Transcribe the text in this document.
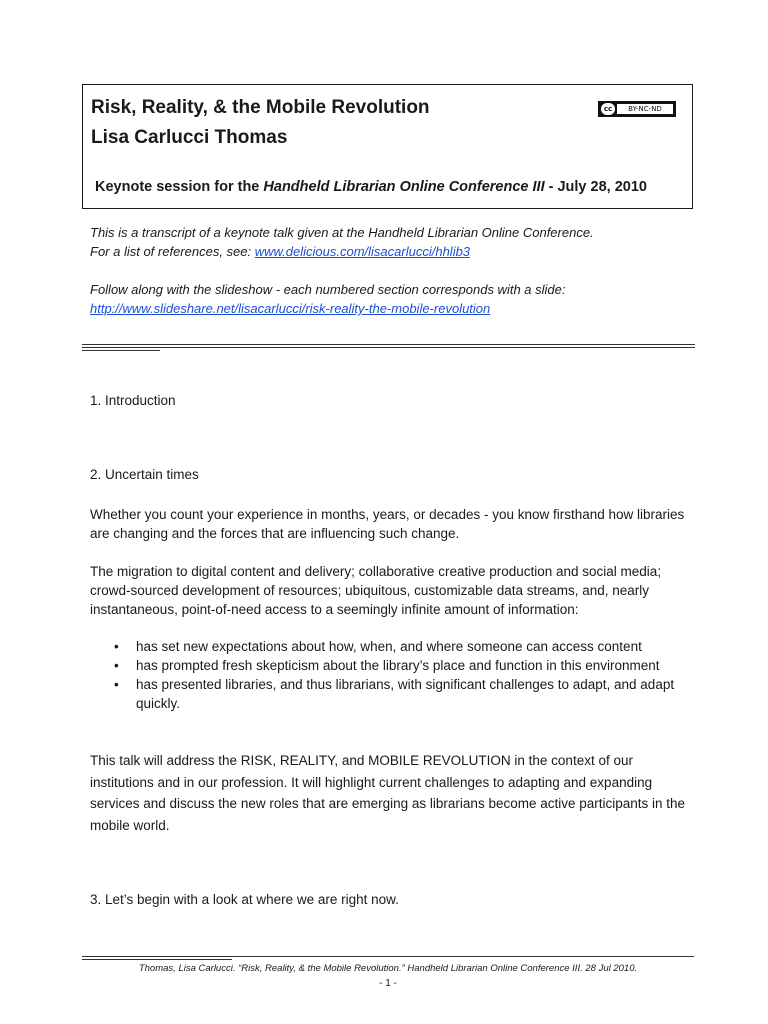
Risk, Reality, & the Mobile Revolution
Lisa Carlucci Thomas
cc	BY-NC-ND
Keynote session for the Handheld Librarian Online Conference III - July 28, 2010

This is a transcript of a keynote talk given at the Handheld Librarian Online Conference.

For a list of references, see: www.delicious.com/lisacarlucci/hhlib3

Follow along with the slideshow - each numbered section corresponds with a slide:

http://www.slideshare.net/lisacarlucci/risk-reality-the-mobile-revolution

1. Introduction
2. Uncertain times

Whether you count your experience in months, years, or decades - you know firsthand how libraries are changing and the forces that are influencing such change.

The migration to digital content and delivery; collaborative creative production and social media; crowd-sourced development of resources; ubiquitous, customizable data streams, and, nearly instantaneous, point-of-need access to a seemingly infinite amount of information:

• has set new expectations about how, when, and where someone can access content
• has prompted fresh skepticism about the library’s place and function in this environment
• has presented libraries, and thus librarians, with significant challenges to adapt, and adapt quickly.

This talk will address the RISK, REALITY, and MOBILE REVOLUTION in the context of our institutions and in our profession. It will highlight current challenges to adapting and expanding services and discuss the new roles that are emerging as librarians become active participants in the mobile world.

3. Let’s begin with a look at where we are right now.
Thomas, Lisa Carlucci. “Risk, Reality, & the Mobile Revolution.” Handheld Librarian Online Conference III. 28 Jul 2010.
- 1 -
